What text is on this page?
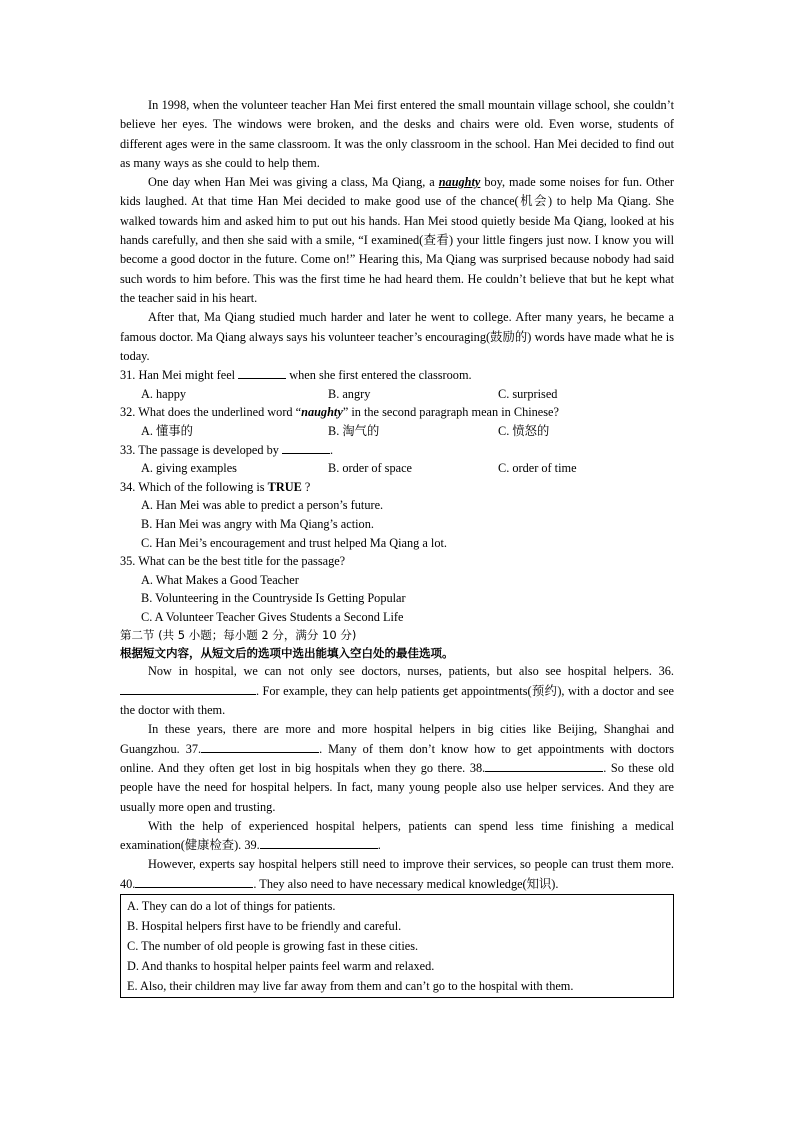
In 1998, when the volunteer teacher Han Mei first entered the small mountain village school, she couldn’t believe her eyes. The windows were broken, and the desks and chairs were old. Even worse, students of different ages were in the same classroom. It was the only classroom in the school. Han Mei decided to find out as many ways as she could to help them.

One day when Han Mei was giving a class, Ma Qiang, a naughty boy, made some noises for fun. Other kids laughed. At that time Han Mei decided to make good use of the chance(机会) to help Ma Qiang. She walked towards him and asked him to put out his hands. Han Mei stood quietly beside Ma Qiang, looked at his hands carefully, and then she said with a smile, “I examined(查看) your little fingers just now. I know you will become a good doctor in the future. Come on!” Hearing this, Ma Qiang was surprised because nobody had said such words to him before. This was the first time he had heard them. He couldn’t believe that but he kept what the teacher said in his heart.

After that, Ma Qiang studied much harder and later he went to college. After many years, he became a famous doctor. Ma Qiang always says his volunteer teacher’s encouraging(鼓励的) words have made what he is today.

31. Han Mei might feel	when she first entered the classroom.

A. happy	B. angry	C. surprised

32. What does the underlined word “naughty” in the second paragraph mean in Chinese?

A. 懂事的	B. 淘气的	C. 愤怒的

33. The passage is developed by	.

A. giving examples	B. order of space	C. order of time

34. Which of the following is TRUE ?

A. Han Mei was able to predict a person’s future.

B. Han Mei was angry with Ma Qiang’s action.

C. Han Mei’s encouragement and trust helped Ma Qiang a lot.

35. What can be the best title for the passage?

A. What Makes a Good Teacher

B. Volunteering in the Countryside Is Getting Popular

C. A Volunteer Teacher Gives Students a Second Life

第二节 (共 5 小题；每小题 2 分，满分 10 分)

根据短文内容，从短文后的选项中选出能填入空白处的最佳选项。

Now in hospital, we can not only see doctors, nurses, patients, but also see hospital helpers. 36.. For example, they can help patients get appointments(预约), with a doctor and see the doctor with them.

In these years, there are more and more hospital helpers in big cities like Beijing, Shanghai and Guangzhou. 37.	. Many of them don’t know how to get appointments with doctors online. And they often get lost in big hospitals when they go there. 38.	. So these old people have the need for hospital helpers. In fact, many young people also use helper services. And they are usually more open and trusting.

With the help of experienced hospital helpers, patients can spend less time finishing a medical examination(健康检查). 39.	.

However, experts say hospital helpers still need to improve their services, so people can trust them more. 40.	. They also need to have necessary medical knowledge(知识).

A. They can do a lot of things for patients.

B. Hospital helpers first have to be friendly and careful.

C. The number of old people is growing fast in these cities.

D. And thanks to hospital helper paints feel warm and relaxed.

E. Also, their children may live far away from them and can’t go to the hospital with them.
